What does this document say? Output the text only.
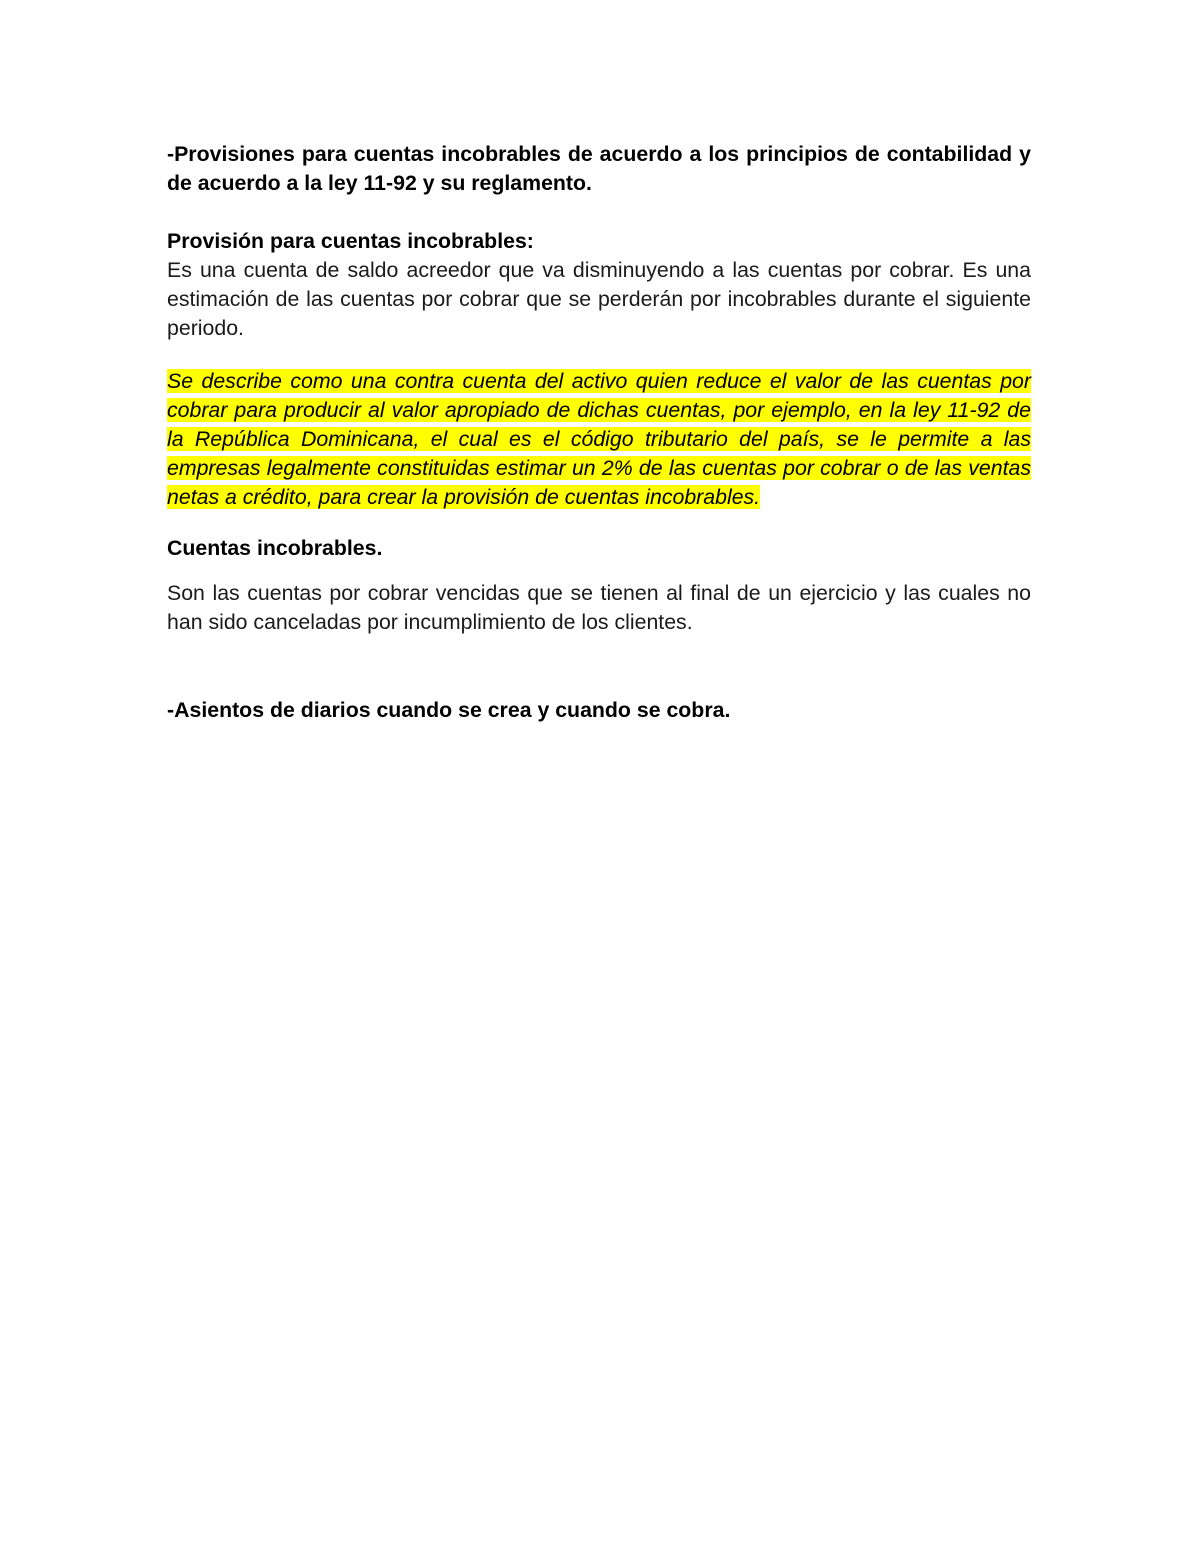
-Provisiones para cuentas incobrables de acuerdo a los principios de contabilidad y de acuerdo a la ley 11-92 y su reglamento.

Provisión para cuentas incobrables:

Es una cuenta de saldo acreedor que va disminuyendo a las cuentas por cobrar. Es una estimación de las cuentas por cobrar que se perderán por incobrables durante el siguiente periodo.

Se describe como una contra cuenta del activo quien reduce el valor de las cuentas por cobrar para producir al valor apropiado de dichas cuentas, por ejemplo, en la ley 11-92 de la República Dominicana, el cual es el código tributario del país, se le permite a las empresas legalmente constituidas estimar un 2% de las cuentas por cobrar o de las ventas netas a crédito, para crear la provisión de cuentas incobrables.

Cuentas incobrables.

Son las cuentas por cobrar vencidas que se tienen al final de un ejercicio y las cuales no han sido canceladas por incumplimiento de los clientes.

-Asientos de diarios cuando se crea y cuando se cobra.
